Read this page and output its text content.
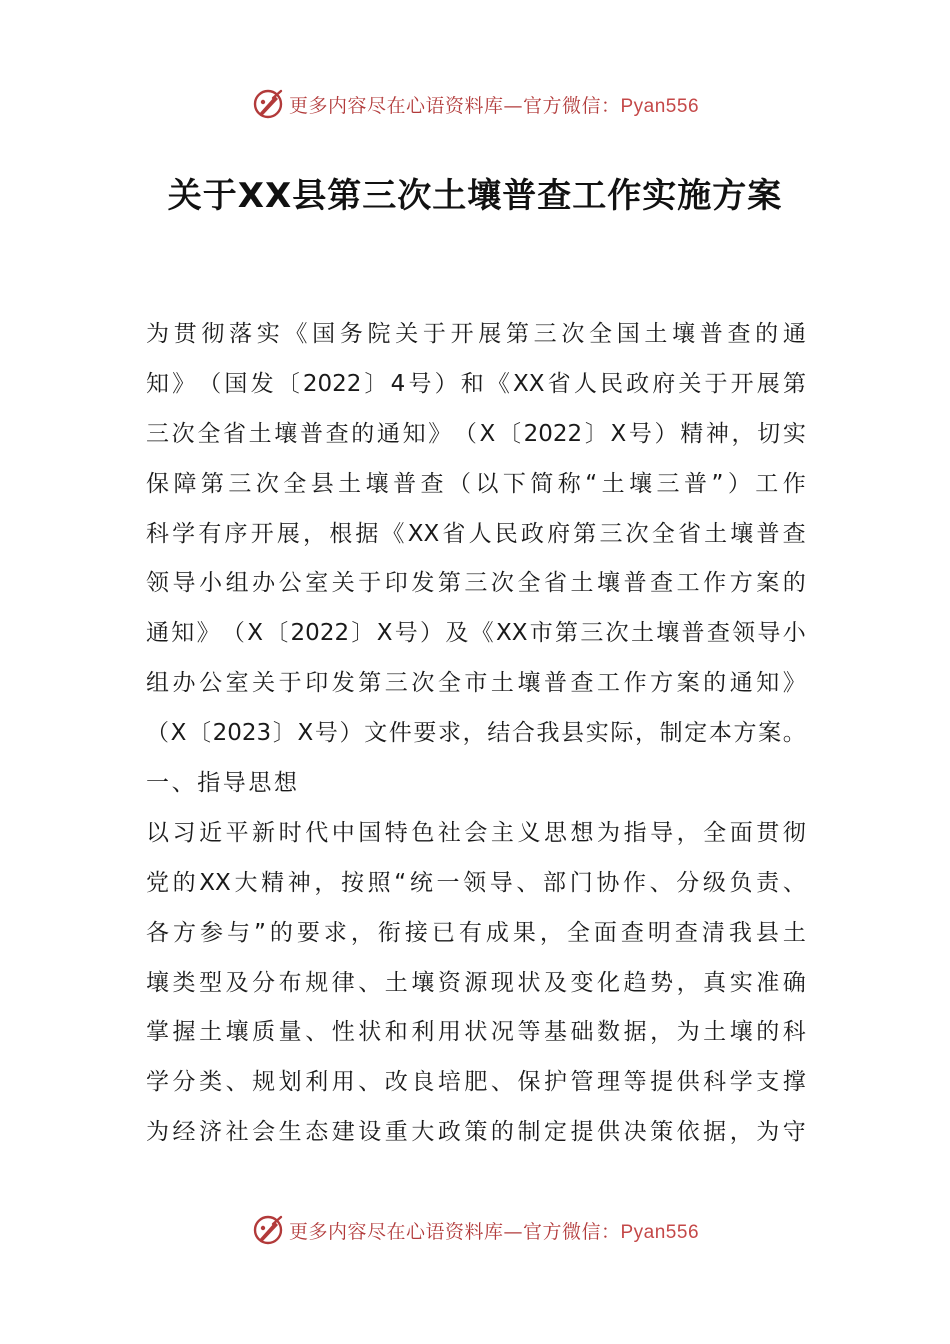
更多内容尽在心语资料库—官方微信：Pyan556
关于XX县第三次土壤普查工作实施方案
为 贯 彻 落 实 《 国 务 院 关 于 开 展 第 三 次 全 国 土 壤 普 查 的 通
知 》 （ 国 发 〔 2022 〕 4 号 ） 和 《 XX 省 人 民 政 府 关 于 开 展 第
三 次 全 省 土 壤 普 查 的 通 知 》 （ X 〔 2022 〕 X 号 ） 精 神 ， 切 实
保 障 第 三 次 全 县 土 壤 普 查 （ 以 下 简 称 “ 土 壤 三 普 ” ） 工 作
科 学 有 序 开 展 ， 根 据 《 XX 省 人 民 政 府 第 三 次 全 省 土 壤 普 查
领 导 小 组 办 公 室 关 于 印 发 第 三 次 全 省 土 壤 普 查 工 作 方 案 的
通 知 》 （ X 〔 2022 〕 X 号 ） 及 《 XX 市 第 三 次 土 壤 普 查 领 导 小
组 办 公 室 关 于 印 发 第 三 次 全 市 土 壤 普 查 工 作 方 案 的 通 知 》
（ X 〔 2023 〕 X 号 ） 文 件 要 求 ， 结 合 我 县 实 际 ， 制 定 本 方 案 。
一、指导思想
以 习 近 平 新 时 代 中 国 特 色 社 会 主 义 思 想 为 指 导 ， 全 面 贯 彻
党 的 XX 大 精 神 ， 按 照 “ 统 一 领 导 、 部 门 协 作 、 分 级 负 责 、
各 方 参 与 ” 的 要 求 ， 衔 接 已 有 成 果 ， 全 面 查 明 查 清 我 县 土
壤 类 型 及 分 布 规 律 、 土 壤 资 源 现 状 及 变 化 趋 势 ， 真 实 准 确
掌 握 土 壤 质 量 、 性 状 和 利 用 状 况 等 基 础 数 据 ， 为 土 壤 的 科
学 分 类 、 规 划 利 用 、 改 良 培 肥 、 保 护 管 理 等 提 供 科 学 支 撑
为 经 济 社 会 生 态 建 设 重 大 政 策 的 制 定 提 供 决 策 依 据 ， 为 守
更多内容尽在心语资料库—官方微信：Pyan556
